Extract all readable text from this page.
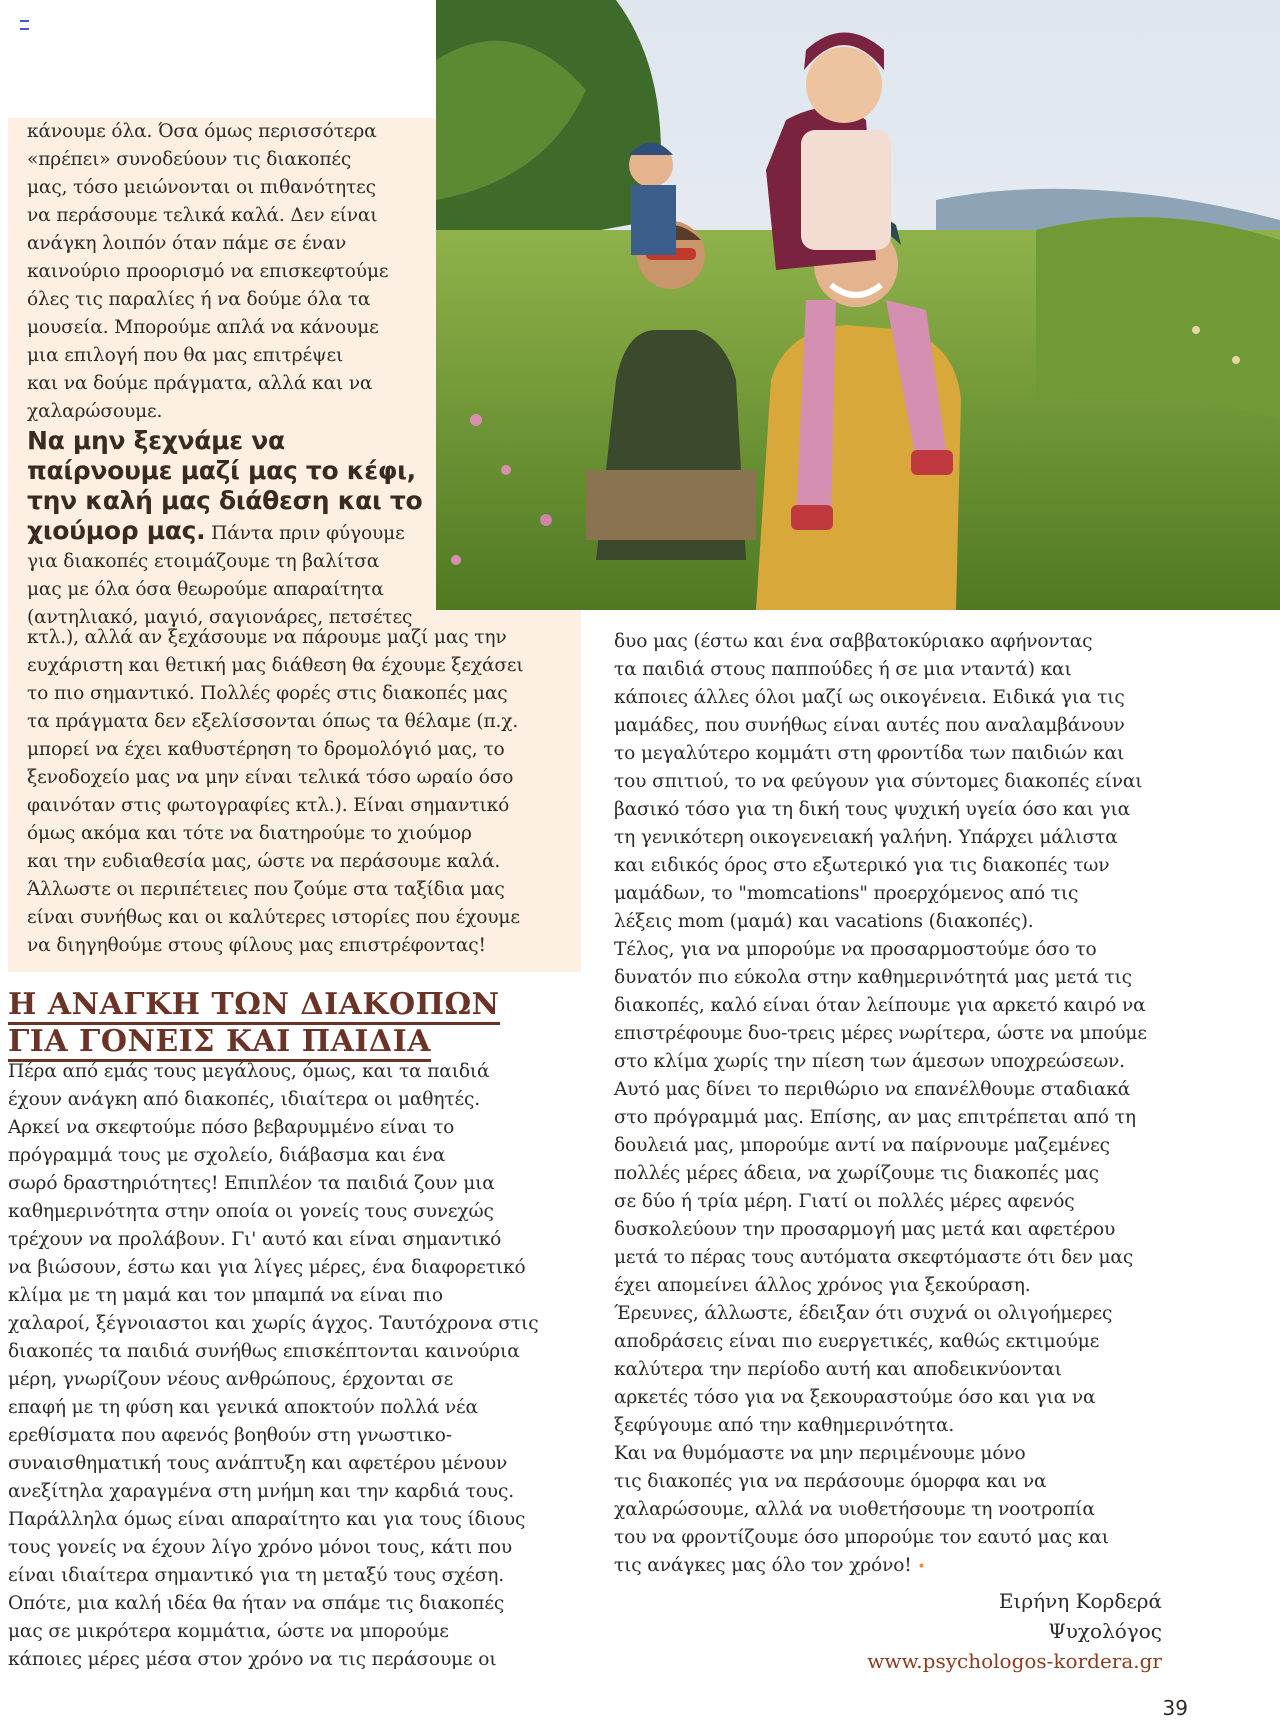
κάνουμε όλα. Όσα όμως περισσότερα
«πρέπει» συνοδεύουν τις διακοπές
μας, τόσο μειώνονται οι πιθανότητες
να περάσουμε τελικά καλά. Δεν είναι
ανάγκη λοιπόν όταν πάμε σε έναν
καινούριο προορισμό να επισκεφτούμε
όλες τις παραλίες ή να δούμε όλα τα
μουσεία. Μπορούμε απλά να κάνουμε
μια επιλογή που θα μας επιτρέψει
και να δούμε πράγματα, αλλά και να
χαλαρώσουμε.
Να μην ξεχνάμε να
παίρνουμε μαζί μας το κέφι,
την καλή μας διάθεση και το
χιούμορ μας. Πάντα πριν φύγουμε
για διακοπές ετοιμάζουμε τη βαλίτσα
μας με όλα όσα θεωρούμε απαραίτητα
(αντηλιακό, μαγιό, σαγιονάρες, πετσέτες
κτλ.), αλλά αν ξεχάσουμε να πάρουμε μαζί μας την
ευχάριστη και θετική μας διάθεση θα έχουμε ξεχάσει
το πιο σημαντικό. Πολλές φορές στις διακοπές μας
τα πράγματα δεν εξελίσσονται όπως τα θέλαμε (π.χ.
μπορεί να έχει καθυστέρηση το δρομολόγιό μας, το
ξενοδοχείο μας να μην είναι τελικά τόσο ωραίο όσο
φαινόταν στις φωτογραφίες κτλ.). Είναι σημαντικό
όμως ακόμα και τότε να διατηρούμε το χιούμορ
και την ευδιαθεσία μας, ώστε να περάσουμε καλά.
Άλλωστε οι περιπέτειες που ζούμε στα ταξίδια μας
είναι συνήθως και οι καλύτερες ιστορίες που έχουμε
να διηγηθούμε στους φίλους μας επιστρέφοντας!
Η ΑΝΑΓΚΗ ΤΩΝ ΔΙΑΚΟΠΩΝ
ΓΙΑ ΓΟΝΕΙΣ ΚΑΙ ΠΑΙΔΙΑ
Πέρα από εμάς τους μεγάλους, όμως, και τα παιδιά
έχουν ανάγκη από διακοπές, ιδιαίτερα οι μαθητές.
Αρκεί να σκεφτούμε πόσο βεβαρυμμένο είναι το
πρόγραμμά τους με σχολείο, διάβασμα και ένα
σωρό δραστηριότητες! Επιπλέον τα παιδιά ζουν μια
καθημερινότητα στην οποία οι γονείς τους συνεχώς
τρέχουν να προλάβουν. Γι' αυτό και είναι σημαντικό
να βιώσουν, έστω και για λίγες μέρες, ένα διαφορετικό
κλίμα με τη μαμά και τον μπαμπά να είναι πιο
χαλαροί, ξέγνοιαστοι και χωρίς άγχος. Ταυτόχρονα στις
διακοπές τα παιδιά συνήθως επισκέπτονται καινούρια
μέρη, γνωρίζουν νέους ανθρώπους, έρχονται σε
επαφή με τη φύση και γενικά αποκτούν πολλά νέα
ερεθίσματα που αφενός βοηθούν στη γνωστικο-
συναισθηματική τους ανάπτυξη και αφετέρου μένουν
ανεξίτηλα χαραγμένα στη μνήμη και την καρδιά τους.
Παράλληλα όμως είναι απαραίτητο και για τους ίδιους
τους γονείς να έχουν λίγο χρόνο μόνοι τους, κάτι που
είναι ιδιαίτερα σημαντικό για τη μεταξύ τους σχέση.
Οπότε, μια καλή ιδέα θα ήταν να σπάμε τις διακοπές
μας σε μικρότερα κομμάτια, ώστε να μπορούμε
κάποιες μέρες μέσα στον χρόνο να τις περάσουμε οι
δυο μας (έστω και ένα σαββατοκύριακο αφήνοντας
τα παιδιά στους παππούδες ή σε μια νταντά) και
κάποιες άλλες όλοι μαζί ως οικογένεια. Ειδικά για τις
μαμάδες, που συνήθως είναι αυτές που αναλαμβάνουν
το μεγαλύτερο κομμάτι στη φροντίδα των παιδιών και
του σπιτιού, το να φεύγουν για σύντομες διακοπές είναι
βασικό τόσο για τη δική τους ψυχική υγεία όσο και για
τη γενικότερη οικογενειακή γαλήνη. Υπάρχει μάλιστα
και ειδικός όρος στο εξωτερικό για τις διακοπές των
μαμάδων, το "momcations" προερχόμενος από τις
λέξεις mom (μαμά) και vacations (διακοπές).
Τέλος, για να μπορούμε να προσαρμοστούμε όσο το
δυνατόν πιο εύκολα στην καθημερινότητά μας μετά τις
διακοπές, καλό είναι όταν λείπουμε για αρκετό καιρό να
επιστρέφουμε δυο-τρεις μέρες νωρίτερα, ώστε να μπούμε
στο κλίμα χωρίς την πίεση των άμεσων υποχρεώσεων.
Αυτό μας δίνει το περιθώριο να επανέλθουμε σταδιακά
στο πρόγραμμά μας. Επίσης, αν μας επιτρέπεται από τη
δουλειά μας, μπορούμε αντί να παίρνουμε μαζεμένες
πολλές μέρες άδεια, να χωρίζουμε τις διακοπές μας
σε δύο ή τρία μέρη. Γιατί οι πολλές μέρες αφενός
δυσκολεύουν την προσαρμογή μας μετά και αφετέρου
μετά το πέρας τους αυτόματα σκεφτόμαστε ότι δεν μας
έχει απομείνει άλλος χρόνος για ξεκούραση.
Έρευνες, άλλωστε, έδειξαν ότι συχνά οι ολιγοήμερες
αποδράσεις είναι πιο ευεργετικές, καθώς εκτιμούμε
καλύτερα την περίοδο αυτή και αποδεικνύονται
αρκετές τόσο για να ξεκουραστούμε όσο και για να
ξεφύγουμε από την καθημερινότητα.
Και να θυμόμαστε να μην περιμένουμε μόνο
τις διακοπές για να περάσουμε όμορφα και να
χαλαρώσουμε, αλλά να υιοθετήσουμε τη νοοτροπία
του να φροντίζουμε όσο μπορούμε τον εαυτό μας και
τις ανάγκες μας όλο τον χρόνο! •
Ειρήνη Κορδερά
Ψυχολόγος
www.psychologos-kordera.gr
39
